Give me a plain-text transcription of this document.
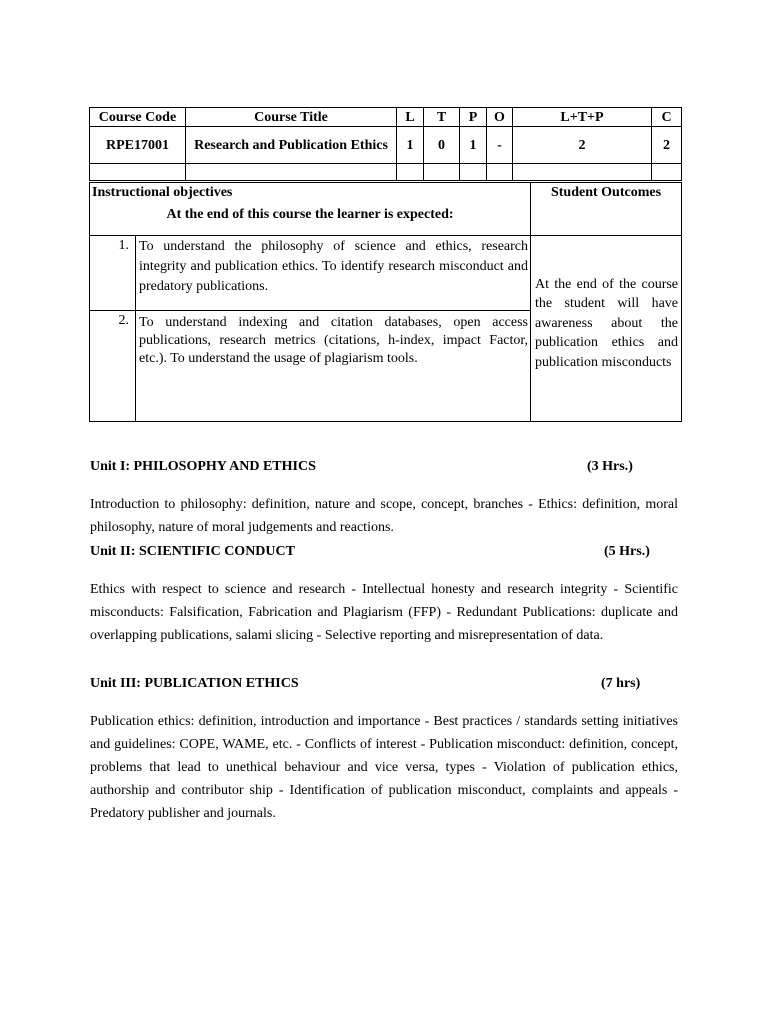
Course Code	Course Title	L	T	P	O	L+T+P	C
RPE17001	Research and Publication Ethics	1	0	1	-	2	2

Instructional objectives
At the end of this course the learner is expected:		Student Outcomes
1.	To understand the philosophy of science and ethics, research integrity and publication ethics. To identify research misconduct and predatory publications.	At the end of the course the student will have awareness about the publication ethics and publication misconducts
2.	To understand indexing and citation databases, open access publications, research metrics (citations, h-index, impact Factor, etc.). To understand the usage of plagiarism tools.	
Unit I: PHILOSOPHY AND ETHICS	(3 Hrs.)
Introduction to philosophy: definition, nature and scope, concept, branches - Ethics: definition, moral philosophy, nature of moral judgements and reactions.
Unit II: SCIENTIFIC CONDUCT	(5 Hrs.)
Ethics with respect to science and research - Intellectual honesty and research integrity - Scientific misconducts: Falsification, Fabrication and Plagiarism (FFP) - Redundant Publications: duplicate and overlapping publications, salami slicing - Selective reporting and misrepresentation of data.
Unit III: PUBLICATION ETHICS	(7 hrs)
Publication ethics: definition, introduction and importance - Best practices / standards setting initiatives and guidelines: COPE, WAME, etc. - Conflicts of interest - Publication misconduct: definition, concept, problems that lead to unethical behaviour and vice versa, types - Violation of publication ethics, authorship and contributor ship - Identification of publication misconduct, complaints and appeals - Predatory publisher and journals.
